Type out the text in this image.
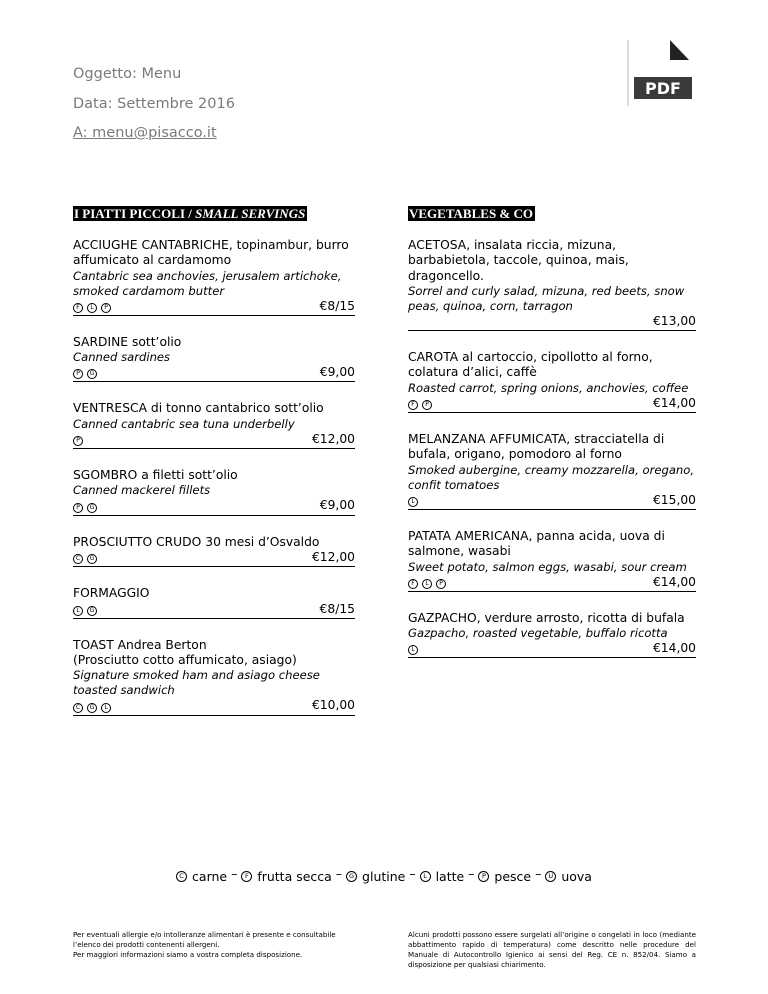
Oggetto: Menu
Data: Settembre 2016
A: menu@pisacco.it
PDF
I PIATTI PICCOLI / SMALL SERVINGS
ACCIUGHE CANTABRICHE, topinambur, burro affumicato al cardamomo
Cantabric sea anchovies, jerusalem artichoke, smoked cardamom butter
F	L	P	€8/15
SARDINE sott’olio
Canned sardines
P	G	€9,00
VENTRESCA di tonno cantabrico sott’olio
Canned cantabric sea tuna underbelly
P	€12,00
SGOMBRO a filetti sott’olio
Canned mackerel fillets
P	G	€9,00
PROSCIUTTO CRUDO 30 mesi d’Osvaldo
C	G	€12,00
FORMAGGIO
L	G	€8/15
TOAST Andrea Berton
(Prosciutto cotto affumicato, asiago)
Signature smoked ham and asiago cheese toasted sandwich
C	G	L	€10,00
VEGETABLES & CO
ACETOSA, insalata riccia, mizuna, barbabietola, taccole, quinoa, mais, dragoncello.
Sorrel and curly salad, mizuna, red beets, snow peas, quinoa, corn, tarragon
€13,00
CAROTA al cartoccio, cipollotto al forno, colatura d’alici, caffè
Roasted carrot, spring onions, anchovies, coffee
F	P	€14,00
MELANZANA AFFUMICATA, stracciatella di bufala, origano, pomodoro al forno
Smoked aubergine, creamy mozzarella, oregano, confit tomatoes
L	€15,00
PATATA AMERICANA, panna acida, uova di salmone, wasabi
Sweet potato, salmon eggs, wasabi, sour cream
F	L	P	€14,00
GAZPACHO, verdure arrosto, ricotta di bufala
Gazpacho, roasted vegetable, buffalo ricotta
L	€14,00
C carne – F frutta secca – G glutine – L latte – P pesce – U uova
Per eventuali allergie e/o intolleranze alimentari è presente e consultabile l’elenco dei prodotti contenenti allergeni.
Per maggiori informazioni siamo a vostra completa disposizione.
Alcuni prodotti possono essere surgelati all’origine o congelati in loco (mediante abbattimento rapido di temperatura) come descritto nelle procedure del Manuale di Autocontrollo Igienico ai sensi del Reg. CE n. 852/04. Siamo a disposizione per qualsiasi chiarimento.
